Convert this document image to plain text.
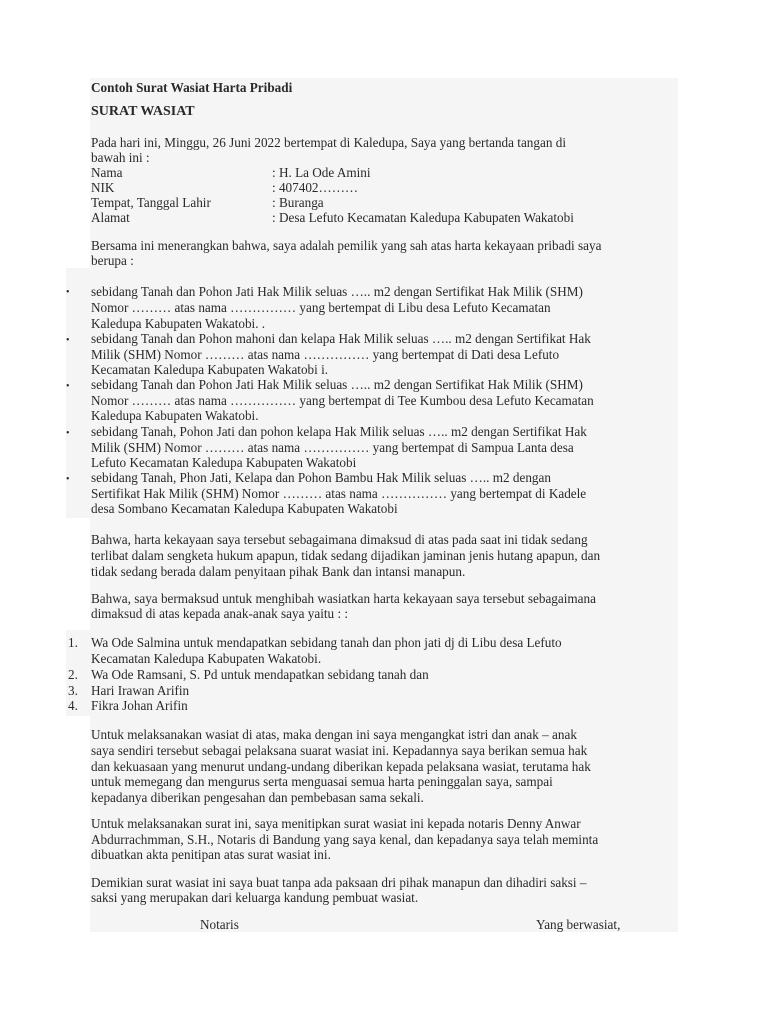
Contoh Surat Wasiat Harta Pribadi
SURAT WASIAT
Pada hari ini, Minggu, 26 Juni 2022 bertempat di Kaledupa, Saya yang bertanda tangan di
bawah ini :
Nama	: H. La Ode Amini
NIK	: 407402………
Tempat, Tanggal Lahir	: Buranga
Alamat	: Desa Lefuto Kecamatan Kaledupa Kabupaten Wakatobi
Bersama ini menerangkan bahwa, saya adalah pemilik yang sah atas harta kekayaan pribadi saya
berupa :
• sebidang Tanah dan Pohon Jati Hak Milik seluas ….. m2 dengan Sertifikat Hak Milik (SHM)
Nomor ……… atas nama …………… yang bertempat di Libu desa Lefuto Kecamatan
Kaledupa Kabupaten Wakatobi. .
• sebidang Tanah dan Pohon mahoni dan kelapa Hak Milik seluas ….. m2 dengan Sertifikat Hak
Milik (SHM) Nomor ……… atas nama …………… yang bertempat di Dati desa Lefuto
Kecamatan Kaledupa Kabupaten Wakatobi i.
• sebidang Tanah dan Pohon Jati Hak Milik seluas ….. m2 dengan Sertifikat Hak Milik (SHM)
Nomor ……… atas nama …………… yang bertempat di Tee Kumbou desa Lefuto Kecamatan
Kaledupa Kabupaten Wakatobi.
• sebidang Tanah, Pohon Jati dan pohon kelapa Hak Milik seluas ….. m2 dengan Sertifikat Hak
Milik (SHM) Nomor ……… atas nama …………… yang bertempat di Sampua Lanta desa
Lefuto Kecamatan Kaledupa Kabupaten Wakatobi
• sebidang Tanah, Phon Jati, Kelapa dan Pohon Bambu Hak Milik seluas ….. m2 dengan
Sertifikat Hak Milik (SHM) Nomor ……… atas nama …………… yang bertempat di Kadele
desa Sombano Kecamatan Kaledupa Kabupaten Wakatobi
Bahwa, harta kekayaan saya tersebut sebagaimana dimaksud di atas pada saat ini tidak sedang
terlibat dalam sengketa hukum apapun, tidak sedang dijadikan jaminan jenis hutang apapun, dan
tidak sedang berada dalam penyitaan pihak Bank dan intansi manapun.
Bahwa, saya bermaksud untuk menghibah wasiatkan harta kekayaan saya tersebut sebagaimana
dimaksud di atas kepada anak-anak saya yaitu : :
1. Wa Ode Salmina untuk mendapatkan sebidang tanah dan phon jati dj di Libu desa Lefuto
Kecamatan Kaledupa Kabupaten Wakatobi.
2. Wa Ode Ramsani, S. Pd untuk mendapatkan sebidang tanah dan
3. Hari Irawan Arifin
4. Fikra Johan Arifin
Untuk melaksanakan wasiat di atas, maka dengan ini saya mengangkat istri dan anak – anak
saya sendiri tersebut sebagai pelaksana suarat wasiat ini. Kepadannya saya berikan semua hak
dan kekuasaan yang menurut undang-undang diberikan kepada pelaksana wasiat, terutama hak
untuk memegang dan mengurus serta menguasai semua harta peninggalan saya, sampai
kepadanya diberikan pengesahan dan pembebasan sama sekali.
Untuk melaksanakan surat ini, saya menitipkan surat wasiat ini kepada notaris Denny Anwar
Abdurrachmman, S.H., Notaris di Bandung yang saya kenal, dan kepadanya saya telah meminta
dibuatkan akta penitipan atas surat wasiat ini.
Demikian surat wasiat ini saya buat tanpa ada paksaan dri pihak manapun dan dihadiri saksi –
saksi yang merupakan dari keluarga kandung pembuat wasiat.
Notaris	Yang berwasiat,
